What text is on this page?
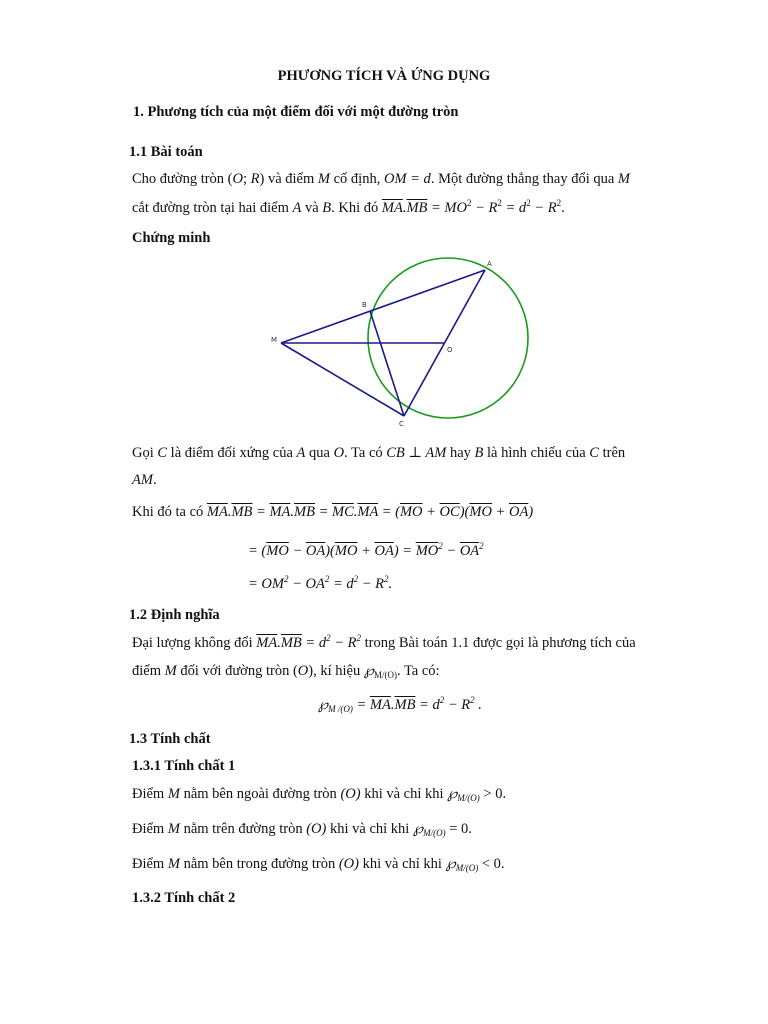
PHƯƠNG TÍCH VÀ ỨNG DỤNG
1. Phương tích của một điểm đối với một đường tròn
1.1 Bài toán
Cho đường tròn (O; R) và điểm M cố định, OM = d. Một đường thẳng thay đổi qua M
cắt đường tròn tại hai điểm A và B. Khi đó $\overline{MA}.\overline{MB} = MO^2 - R^2 = d^2 - R^2$.
Chứng minh
A
B
M
O
C
Gọi C là điểm đối xứng của A qua O. Ta có CB ⊥ AM hay B là hình chiếu của C trên
AM.
Khi đó ta có $\overline{MA}.\overline{MB} = \overline{MA}.\overline{MB} = \overline{MC}.\overline{MA} = (\overline{MO} + \overline{OC})(\overline{MO} + \overline{OA})$
= $(\overline{MO} - \overline{OA})(\overline{MO} + \overline{OA}) = \overline{MO}^2 - \overline{OA}^2$
= $OM^2 - OA^2 = d^2 - R^2$.
1.2 Định nghĩa
Đại lượng không đổi $\overline{MA}.\overline{MB} = d^2 - R^2$ trong Bài toán 1.1 được gọi là phương tích của
điểm M đối với đường tròn (O), kí hiệu $℘_{M/(O)}$. Ta có:
$℘_{M /(O)} = \overline{MA}.\overline{MB} = d^2 - R^2$ .
1.3 Tính chất
1.3.1 Tính chất 1
Điểm M nằm bên ngoài đường tròn (O) khi và chỉ khi $℘_{M/(O)} > 0$.
Điểm M nằm trên đường tròn (O) khi và chỉ khi $℘_{M/(O)} = 0$.
Điểm M nằm bên trong đường tròn (O) khi và chỉ khi $℘_{M/(O)} < 0$.
1.3.2 Tính chất 2
